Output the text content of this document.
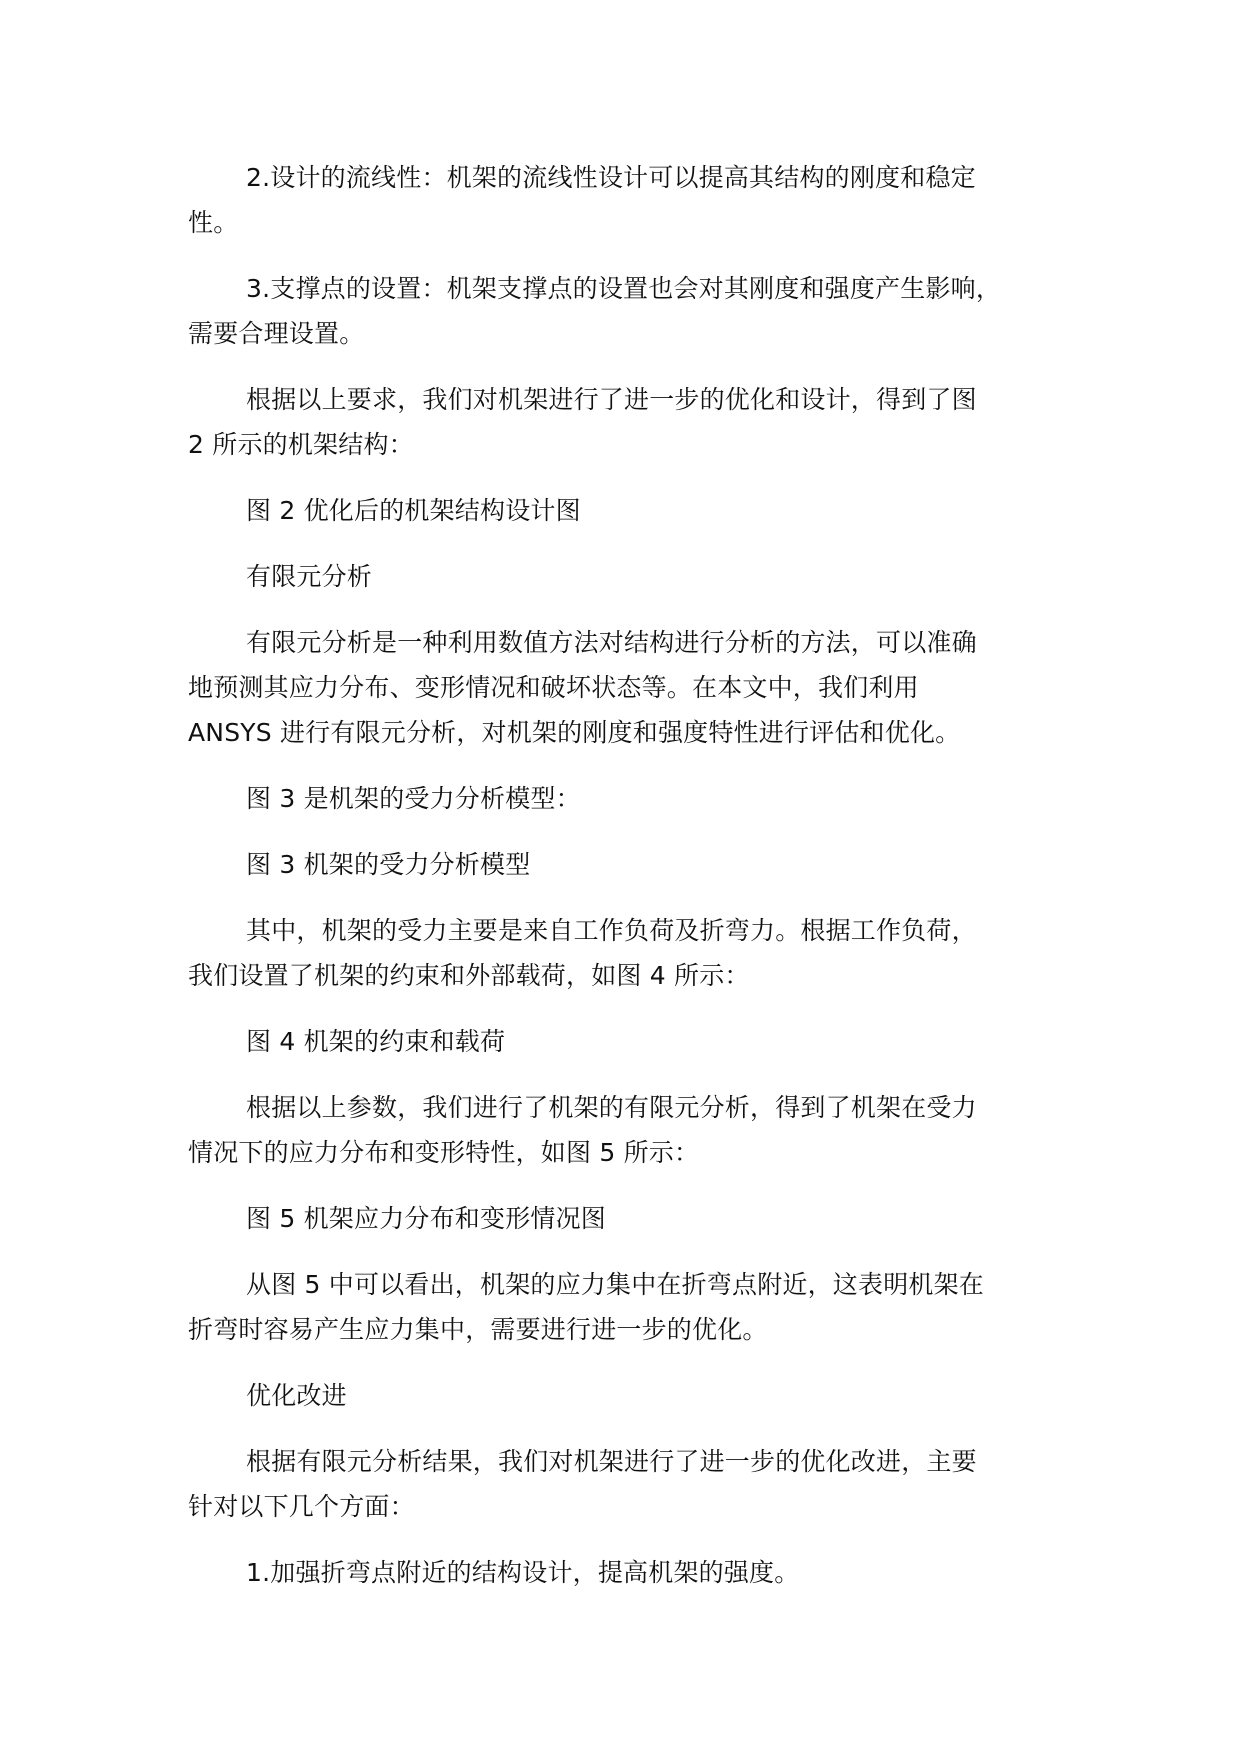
2.设计的流线性：机架的流线性设计可以提高其结构的刚度和稳定
性。

3.支撑点的设置：机架支撑点的设置也会对其刚度和强度产生影响，
需要合理设置。

根据以上要求，我们对机架进行了进一步的优化和设计，得到了图
2 所示的机架结构：

图 2 优化后的机架结构设计图

有限元分析

有限元分析是一种利用数值方法对结构进行分析的方法，可以准确
地预测其应力分布、变形情况和破坏状态等。在本文中，我们利用
ANSYS 进行有限元分析，对机架的刚度和强度特性进行评估和优化。

图 3 是机架的受力分析模型：

图 3 机架的受力分析模型

其中，机架的受力主要是来自工作负荷及折弯力。根据工作负荷，
我们设置了机架的约束和外部载荷，如图 4 所示：

图 4 机架的约束和载荷

根据以上参数，我们进行了机架的有限元分析，得到了机架在受力
情况下的应力分布和变形特性，如图 5 所示：

图 5 机架应力分布和变形情况图

从图 5 中可以看出，机架的应力集中在折弯点附近，这表明机架在
折弯时容易产生应力集中，需要进行进一步的优化。

优化改进

根据有限元分析结果，我们对机架进行了进一步的优化改进，主要
针对以下几个方面：

1.加强折弯点附近的结构设计，提高机架的强度。
